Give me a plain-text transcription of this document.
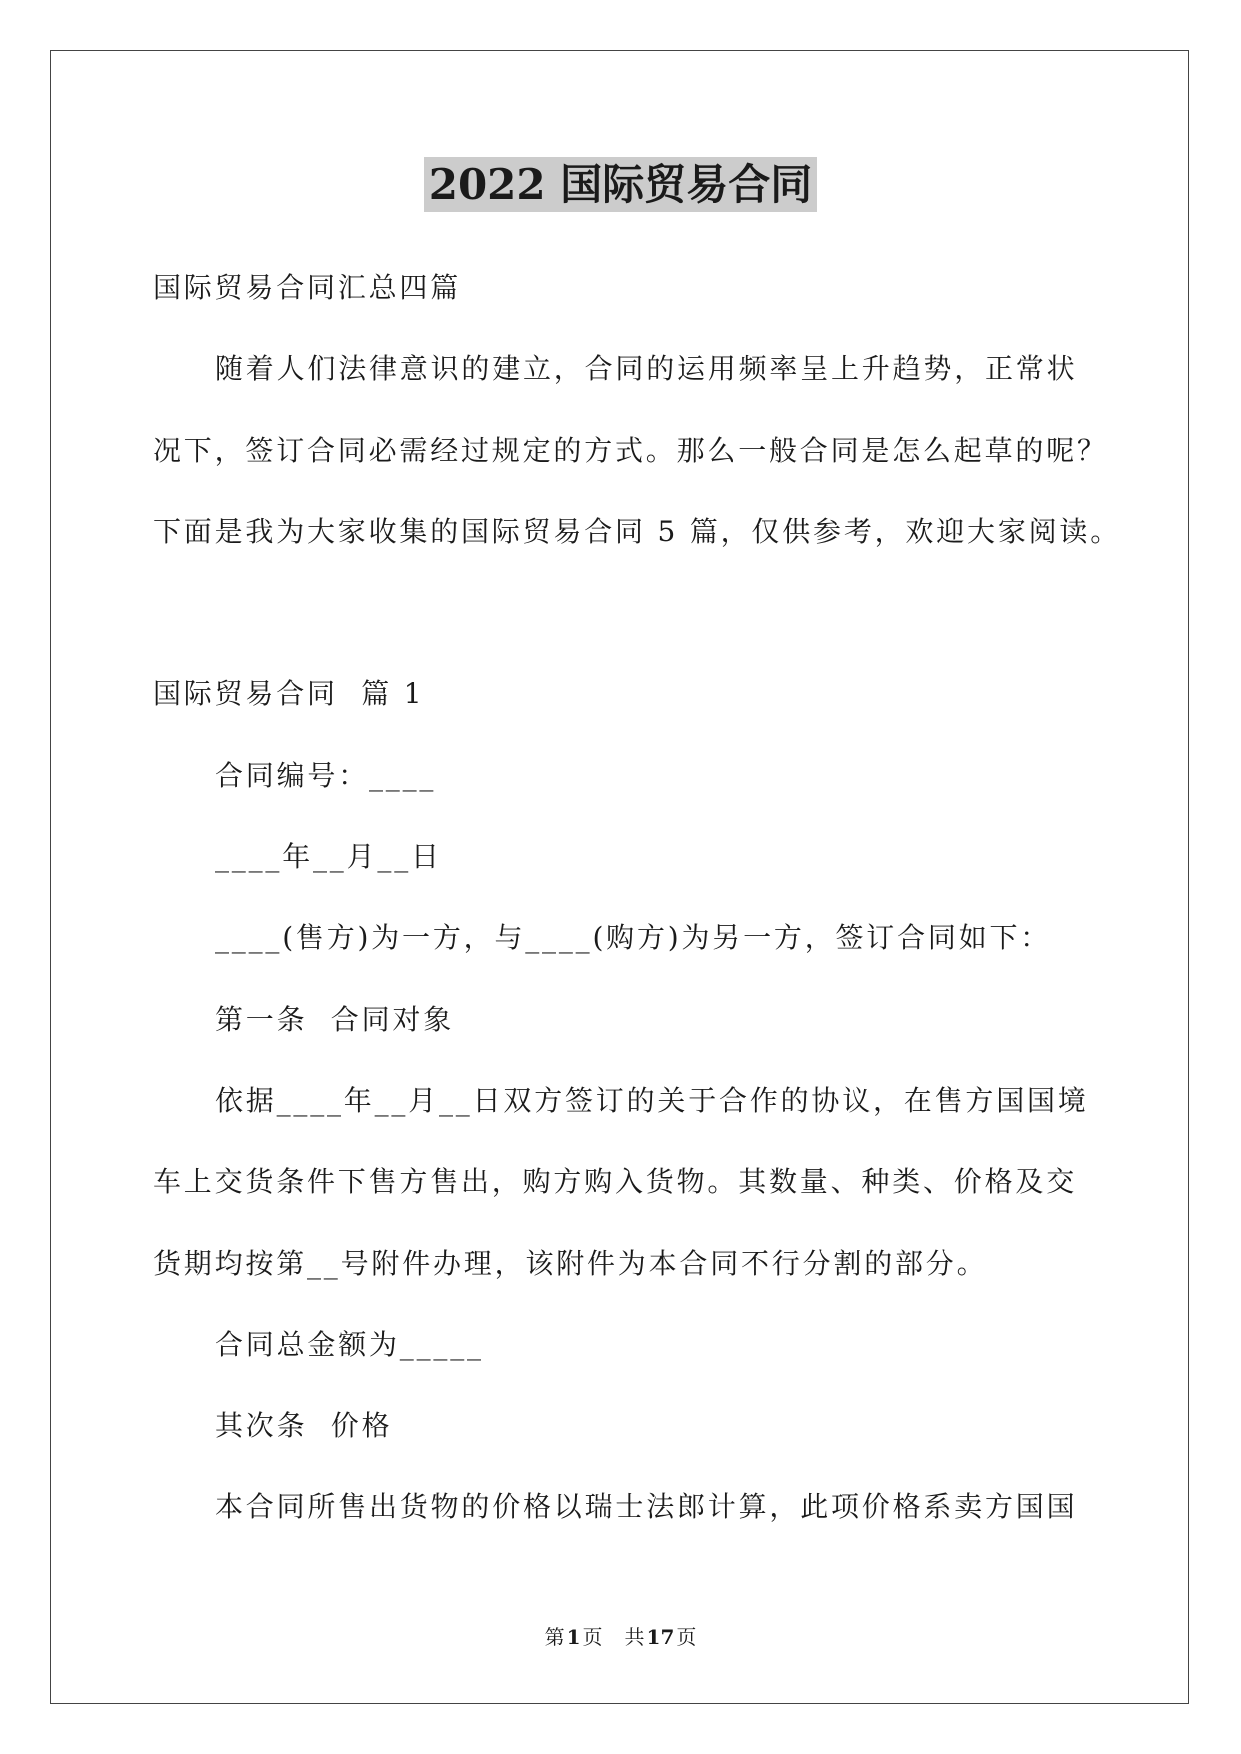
2022 国际贸易合同

国际贸易合同汇总四篇

随着人们法律意识的建立，合同的运用频率呈上升趋势，正常状

况下，签订合同必需经过规定的方式。那么一般合同是怎么起草的呢？

下面是我为大家收集的国际贸易合同 5 篇，仅供参考，欢迎大家阅读。

国际贸易合同  篇 1

合同编号：____

____年__月__日

____(售方)为一方，与____(购方)为另一方，签订合同如下：

第一条  合同对象

依据____年__月__日双方签订的关于合作的协议，在售方国国境

车上交货条件下售方售出，购方购入货物。其数量、种类、价格及交

货期均按第__号附件办理，该附件为本合同不行分割的部分。

合同总金额为_____

其次条  价格

本合同所售出货物的价格以瑞士法郎计算，此项价格系卖方国国

第 1 页 共 17 页
